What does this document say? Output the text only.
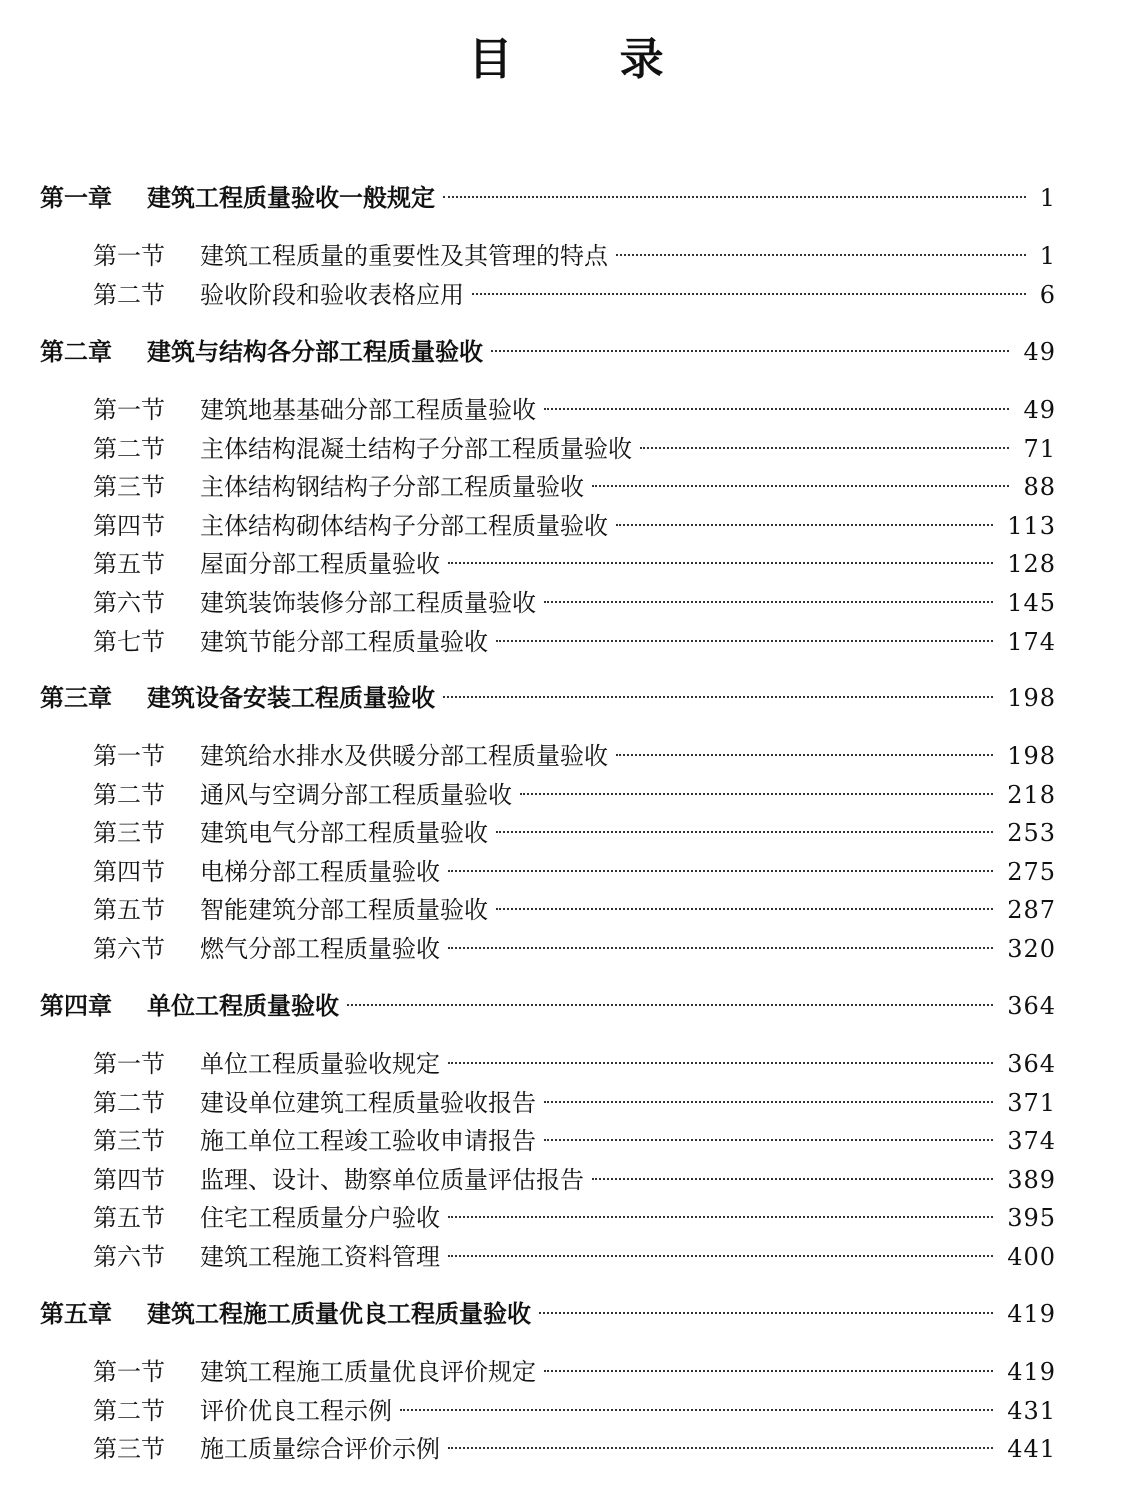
目 录
第一章	建筑工程质量验收一般规定	1
第一节	建筑工程质量的重要性及其管理的特点	1
第二节	验收阶段和验收表格应用	6
第二章	建筑与结构各分部工程质量验收	49
第一节	建筑地基基础分部工程质量验收	49
第二节	主体结构混凝土结构子分部工程质量验收	71
第三节	主体结构钢结构子分部工程质量验收	88
第四节	主体结构砌体结构子分部工程质量验收	113
第五节	屋面分部工程质量验收	128
第六节	建筑装饰装修分部工程质量验收	145
第七节	建筑节能分部工程质量验收	174
第三章	建筑设备安装工程质量验收	198
第一节	建筑给水排水及供暖分部工程质量验收	198
第二节	通风与空调分部工程质量验收	218
第三节	建筑电气分部工程质量验收	253
第四节	电梯分部工程质量验收	275
第五节	智能建筑分部工程质量验收	287
第六节	燃气分部工程质量验收	320
第四章	单位工程质量验收	364
第一节	单位工程质量验收规定	364
第二节	建设单位建筑工程质量验收报告	371
第三节	施工单位工程竣工验收申请报告	374
第四节	监理、设计、勘察单位质量评估报告	389
第五节	住宅工程质量分户验收	395
第六节	建筑工程施工资料管理	400
第五章	建筑工程施工质量优良工程质量验收	419
第一节	建筑工程施工质量优良评价规定	419
第二节	评价优良工程示例	431
第三节	施工质量综合评价示例	441
